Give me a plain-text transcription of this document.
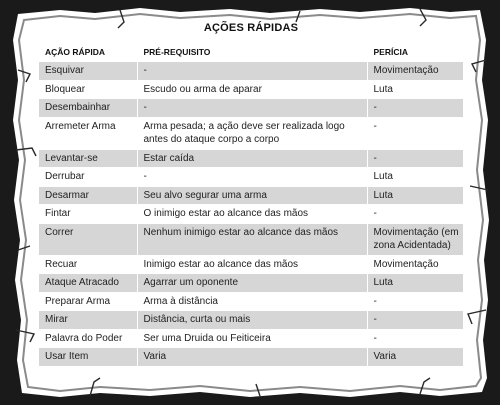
AÇÕES RÁPIDAS
AÇÃO RÁPIDA	PRÉ-REQUISITO	PERÍCIA
Esquivar	-	Movimentação
Bloquear	Escudo ou arma de aparar	Luta
Desembainhar	-	-
Arremeter Arma	Arma pesada; a ação deve ser realizada logo antes do ataque corpo a corpo	-
Levantar-se	Estar caída	-
Derrubar	-	Luta
Desarmar	Seu alvo segurar uma arma	Luta
Fintar	O inimigo estar ao alcance das mãos	-
Correr	Nenhum inimigo estar ao alcance das mãos	Movimentação (em zona Acidentada)
Recuar	Inimigo estar ao alcance das mãos	Movimentação
Ataque Atracado	Agarrar um oponente	Luta
Preparar Arma	Arma à distância	-
Mirar	Distância, curta ou mais	-
Palavra do Poder	Ser uma Druida ou Feiticeira	-
Usar Item	Varia	Varia
